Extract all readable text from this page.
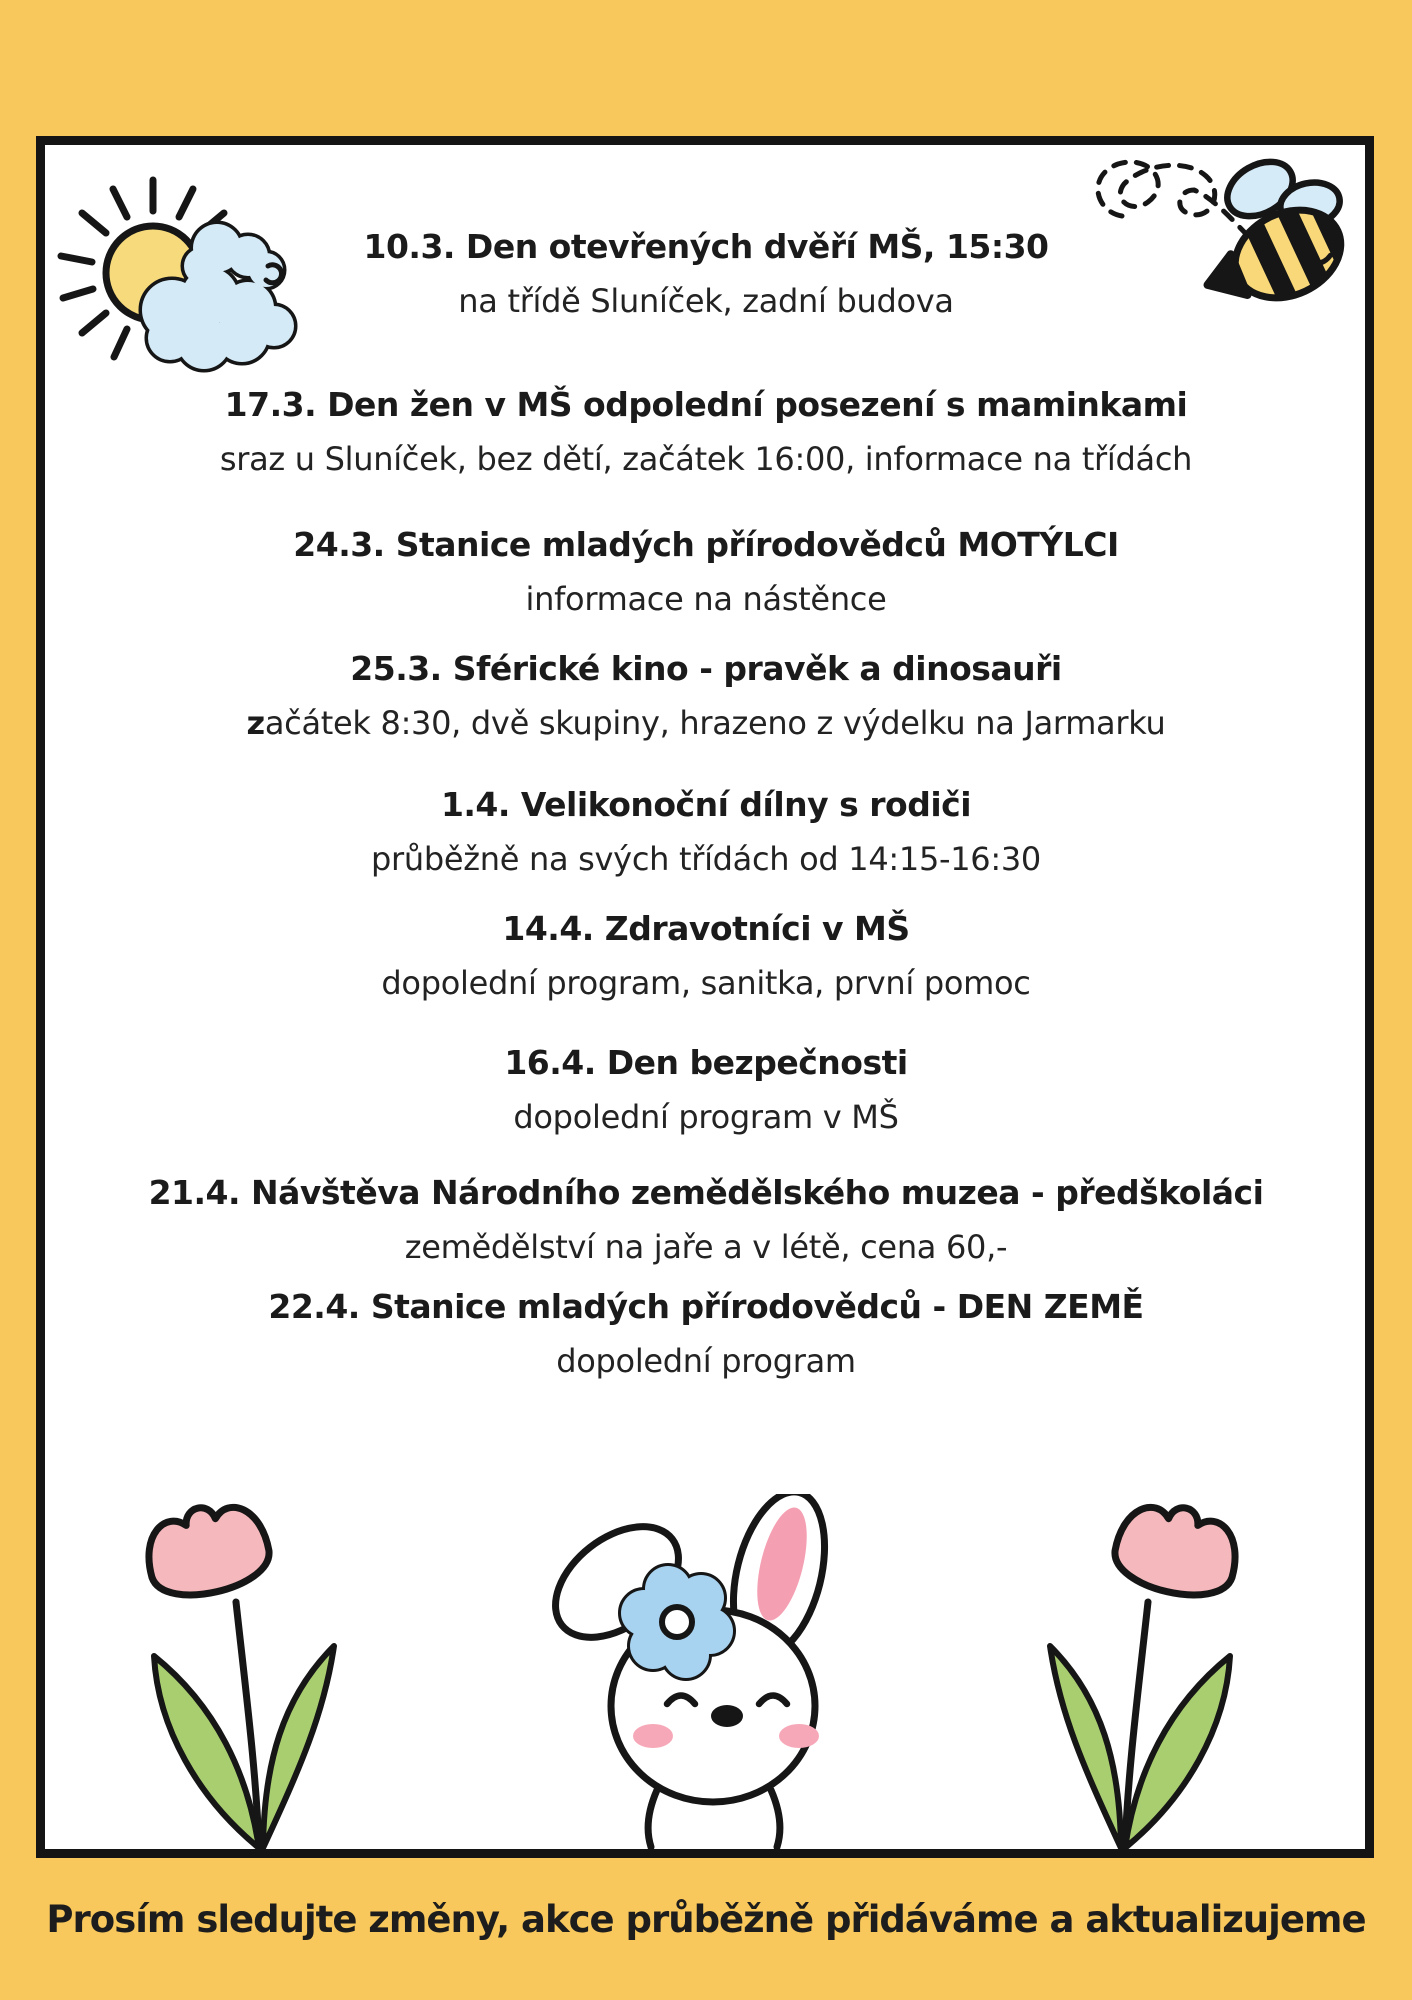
10.3. Den otevřených dvěří MŠ, 15:30
na třídě Sluníček, zadní budova
17.3. Den žen v MŠ odpolední posezení s maminkami
sraz u Sluníček, bez dětí, začátek 16:00, informace na třídách
24.3. Stanice mladých přírodovědců MOTÝLCI
informace na nástěnce
25.3. Sférické kino - pravěk a dinosauři
začátek 8:30, dvě skupiny, hrazeno z výdelku na Jarmarku
1.4. Velikonoční dílny s rodiči
průběžně na svých třídách od 14:15-16:30
14.4. Zdravotníci v MŠ
dopolední program, sanitka, první pomoc
16.4. Den bezpečnosti
dopolední program v MŠ
21.4. Návštěva Národního zemědělského muzea - předškoláci
zemědělství na jaře a v létě, cena 60,-
22.4. Stanice mladých přírodovědců - DEN ZEMĚ
dopolední program
Prosím sledujte změny, akce průběžně přidáváme a aktualizujeme
